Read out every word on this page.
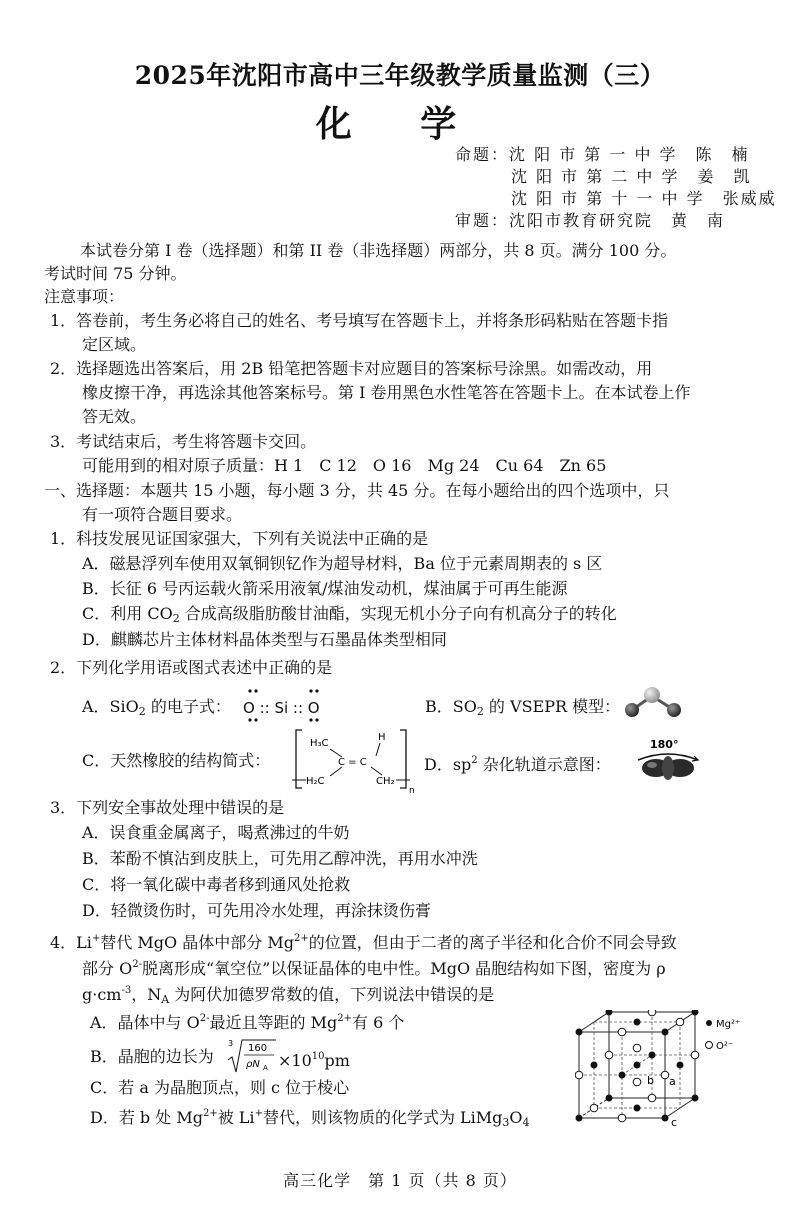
2025年沈阳市高中三年级教学质量监测（三）
化 学
命题：沈 阳 市 第 一 中 学　陈　楠
沈 阳 市 第 二 中 学　姜　凯
沈 阳 市 第 十 一 中 学　张威威
审题：沈阳市教育研究院　黄　南
本试卷分第 I 卷（选择题）和第 II 卷（非选择题）两部分，共 8 页。满分 100 分。
考试时间 75 分钟。
注意事项：
1．答卷前，考生务必将自己的姓名、考号填写在答题卡上，并将条形码粘贴在答题卡指
定区域。
2．选择题选出答案后，用 2B 铅笔把答题卡对应题目的答案标号涂黑。如需改动，用
橡皮擦干净，再选涂其他答案标号。第 I 卷用黑色水性笔答在答题卡上。在本试卷上作
答无效。
3．考试结束后，考生将答题卡交回。
可能用到的相对原子质量：H 1　C 12　O 16　Mg 24　Cu 64　Zn 65
一、选择题：本题共 15 小题，每小题 3 分，共 45 分。在每小题给出的四个选项中，只
有一项符合题目要求。
1．科技发展见证国家强大，下列有关说法中正确的是
A．磁悬浮列车使用双氧铜钡钇作为超导材料，Ba 位于元素周期表的 s 区
B．长征 6 号丙运载火箭采用液氧/煤油发动机，煤油属于可再生能源
C．利用 $CO_2$ 合成高级脂肪酸甘油酯，实现无机小分子向有机高分子的转化
D．麒麟芯片主体材料晶体类型与石墨晶体类型相同
2．下列化学用语或图式表述中正确的是
A．SiO$_2$ 的电子式： O :: Si :: O	B．$SO_2$ 的 VSEPR 模型：
C．天然橡胶的结构简式：
H₃C
H
C = C
H₂C	CH₂
n
D．$sp^2$ 杂化轨道示意图：
180°
3．下列安全事故处理中错误的是
A．误食重金属离子，喝煮沸过的牛奶
B．苯酚不慎沾到皮肤上，可先用乙醇冲洗，再用水冲洗
C．将一氧化碳中毒者移到通风处抢救
D．轻微烫伤时，可先用冷水处理，再涂抹烫伤膏
4．Li+替代 MgO 晶体中部分 $Mg^{2+}$的位置，但由于二者的离子半径和化合价不同会导致
部分 $O^{2-}$脱离形成“氧空位”以保证晶体的电中性。MgO 晶胞结构如下图，密度为 ρ
$g\cdot cm^{-3}$，$N_A$ 为阿伏加德罗常数的值，下列说法中错误的是
A．晶体中与 $O^{2-}$最近且等距的 $Mg^{2+}$有 6 个
B．晶胞的边长为
3 160
ρN $A \times 10^{10}pm$
C．若 a 为晶胞顶点，则 c 位于棱心
D．若 b 处 $Mg^{2+}$被 Li+替代，则该物质的化学式为 $LiMg_3O_4$
b a
c
Mg²⁺
O²⁻
高三化学　第 1 页（共 8 页）
